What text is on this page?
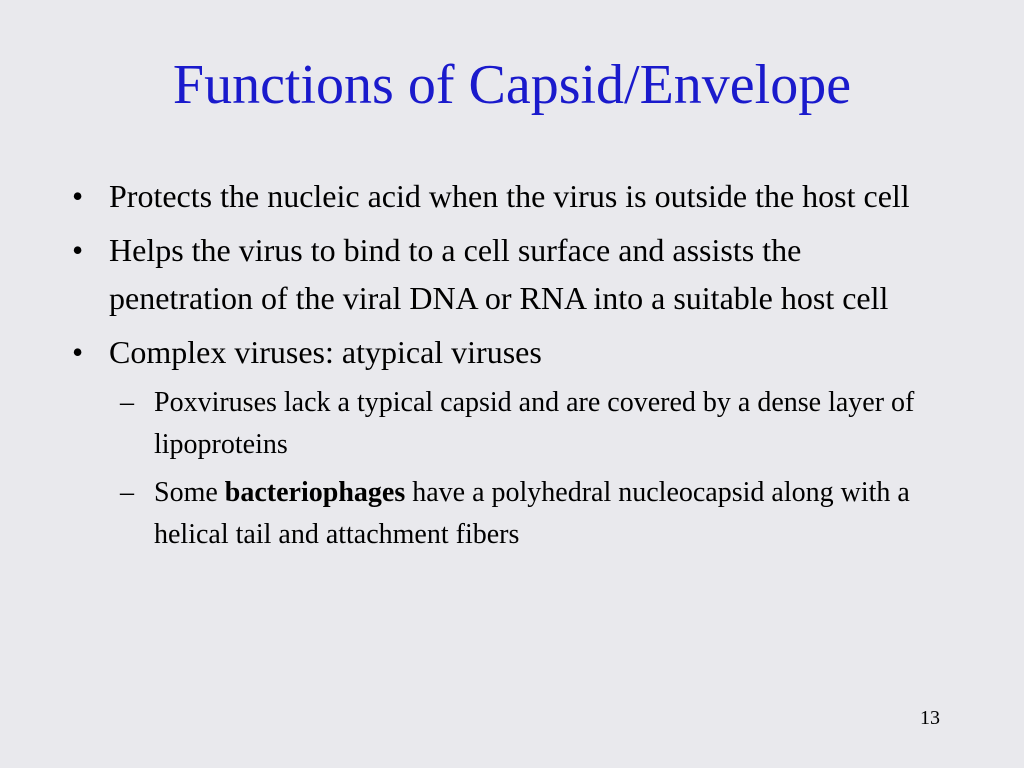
Functions of Capsid/Envelope
• Protects the nucleic acid when the virus is outside the host cell
• Helps the virus to bind to a cell surface and assists the penetration of the viral DNA or RNA into a suitable host cell
• Complex viruses: atypical viruses
– Poxviruses lack a typical capsid and are covered by a dense layer of lipoproteins
– Some bacteriophages have a polyhedral nucleocapsid along with a helical tail and attachment fibers
13
